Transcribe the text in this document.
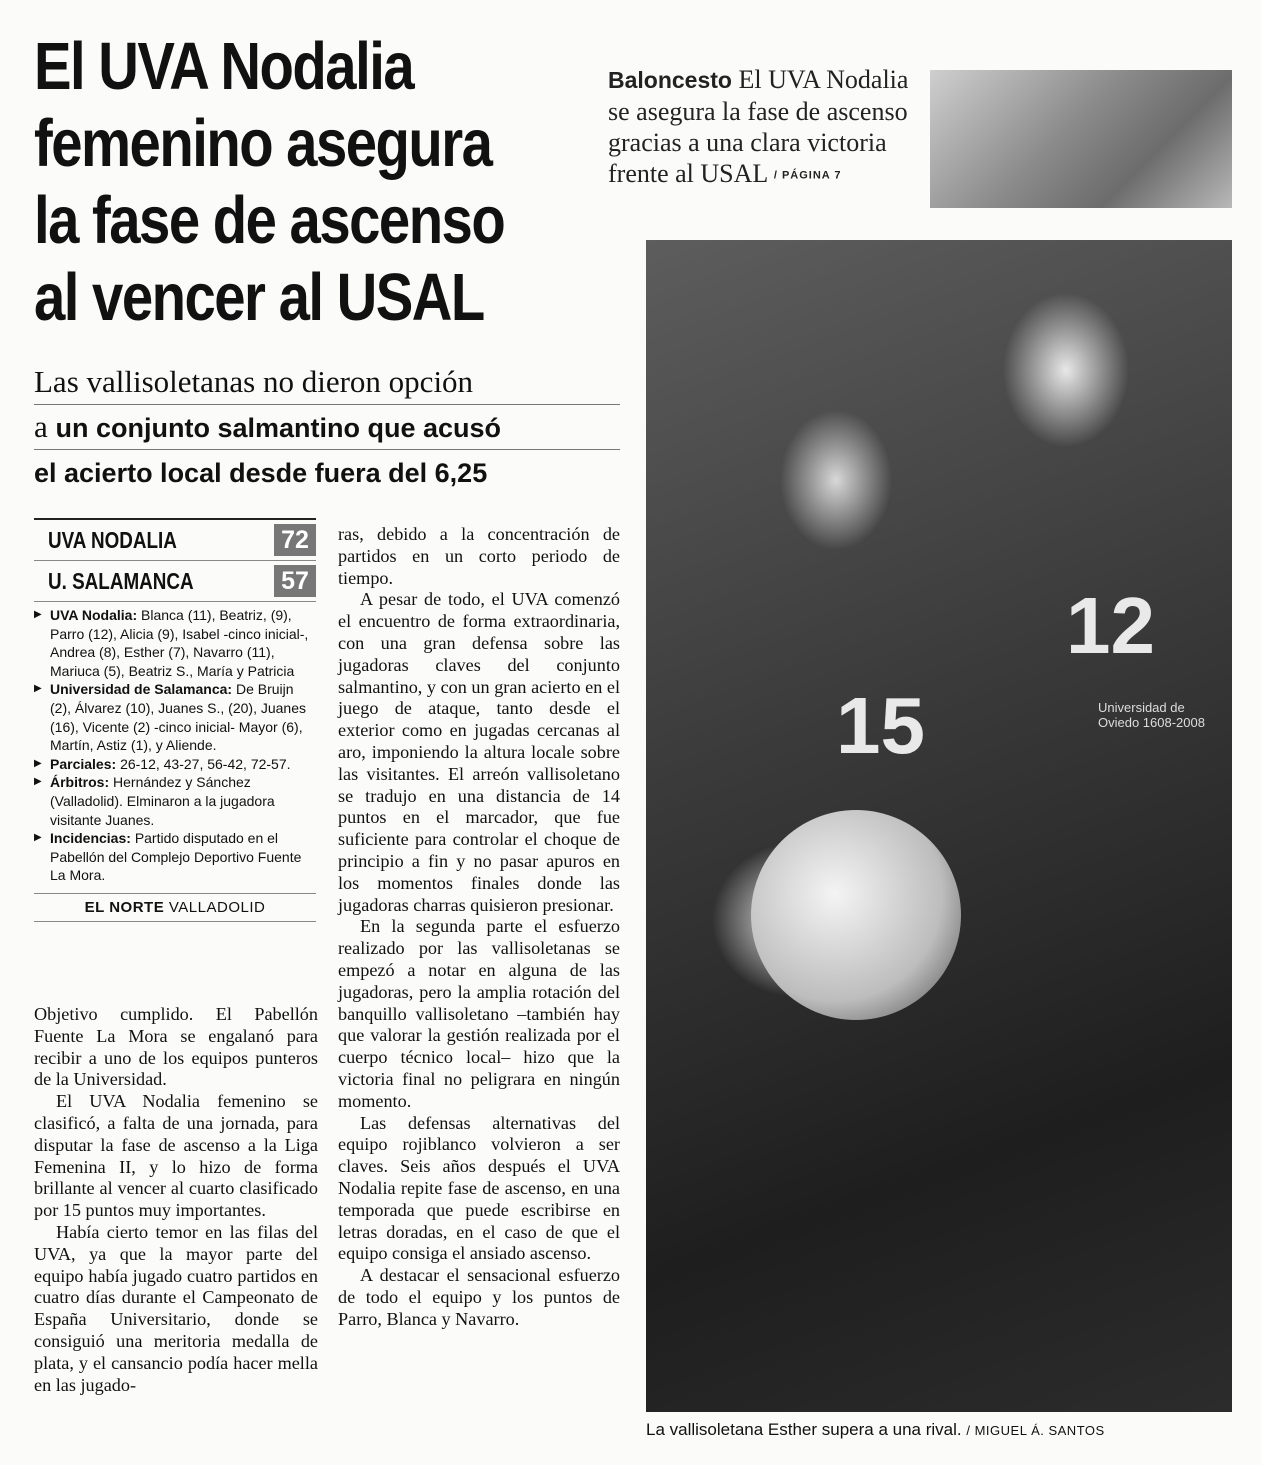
El UVA Nodalia
femenino asegura
la fase de ascenso
al vencer al USAL
Baloncesto El UVA Nodalia se asegura la fase de ascenso gracias a una clara victoria frente al USAL / PÁGINA 7
Las vallisoletanas no dieron opción
a un conjunto salmantino que acusó
el acierto local desde fuera del 6,25
UVA NODALIA	72
U. SALAMANCA	57
▶ UVA Nodalia: Blanca (11), Beatriz, (9), Parro (12), Alicia (9), Isabel -cinco inicial-, Andrea (8), Esther (7), Navarro (11), Mariuca (5), Beatriz S., María y Patricia
▶ Universidad de Salamanca: De Bruijn (2), Álvarez (10), Juanes S., (20), Juanes (16), Vicente (2) -cinco inicial- Mayor (6), Martín, Astiz (1), y Aliende.
▶ Parciales: 26-12, 43-27, 56-42, 72-57.
▶ Árbitros: Hernández y Sánchez (Valladolid). Elminaron a la jugadora visitante Juanes.
▶ Incidencias: Partido disputado en el Pabellón del Complejo Deportivo Fuente La Mora.
EL NORTE VALLADOLID

Objetivo cumplido. El Pabellón Fuente La Mora se engalanó para recibir a uno de los equipos punteros de la Universidad.

El UVA Nodalia femenino se clasificó, a falta de una jornada, para disputar la fase de ascenso a la Liga Femenina II, y lo hizo de forma brillante al vencer al cuarto clasificado por 15 puntos muy importantes.

Había cierto temor en las filas del UVA, ya que la mayor parte del equipo había jugado cuatro partidos en cuatro días durante el Campeonato de España Universitario, donde se consiguió una meritoria medalla de plata, y el cansancio podía hacer mella en las jugado-

ras, debido a la concentración de partidos en un corto periodo de tiempo.

A pesar de todo, el UVA comenzó el encuentro de forma extraordinaria, con una gran defensa sobre las jugadoras claves del conjunto salmantino, y con un gran acierto en el juego de ataque, tanto desde el exterior como en jugadas cercanas al aro, imponiendo la altura locale sobre las visitantes. El arreón vallisoletano se tradujo en una distancia de 14 puntos en el marcador, que fue suficiente para controlar el choque de principio a fin y no pasar apuros en los momentos finales donde las jugadoras charras quisieron presionar.

En la segunda parte el esfuerzo realizado por las vallisoletanas se empezó a notar en alguna de las jugadoras, pero la amplia rotación del banquillo vallisoletano –también hay que valorar la gestión realizada por el cuerpo técnico local– hizo que la victoria final no peligrara en ningún momento.

Las defensas alternativas del equipo rojiblanco volvieron a ser claves. Seis años después el UVA Nodalia repite fase de ascenso, en una temporada que puede escribirse en letras doradas, en el caso de que el equipo consiga el ansiado ascenso.

A destacar el sensacional esfuerzo de todo el equipo y los puntos de Parro, Blanca y Navarro.

15
12
Universidad de Oviedo 1608-2008
La vallisoletana Esther supera a una rival. / MIGUEL Á. SANTOS
